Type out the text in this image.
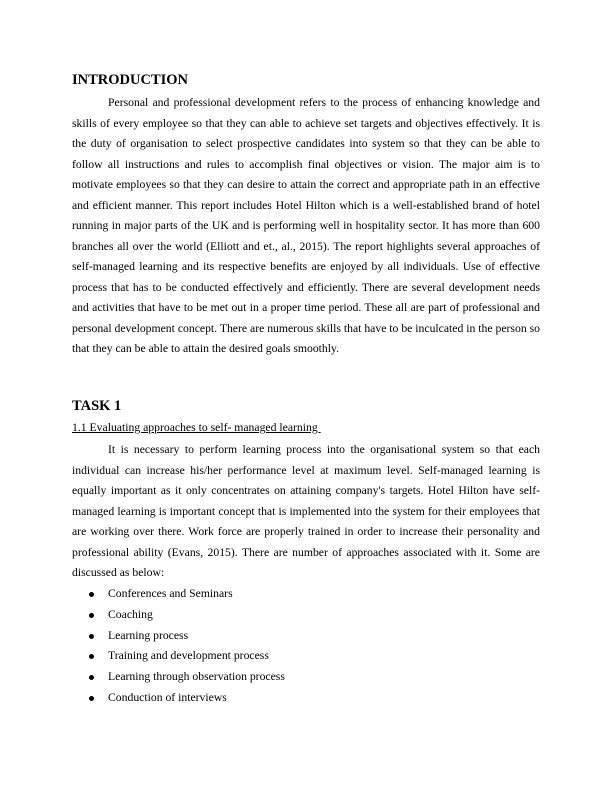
INTRODUCTION

Personal and professional development refers to the process of enhancing knowledge and skills of every employee so that they can able to achieve set targets and objectives effectively. It is the duty of organisation to select prospective candidates into system so that they can be able to follow all instructions and rules to accomplish final objectives or vision. The major aim is to motivate employees so that they can desire to attain the correct and appropriate path in an effective and efficient manner. This report includes Hotel Hilton which is a well-established brand of hotel running in major parts of the UK and is performing well in hospitality sector. It has more than 600 branches all over the world (Elliott and et., al., 2015). The report highlights several approaches of self-managed learning and its respective benefits are enjoyed by all individuals. Use of effective process that has to be conducted effectively and efficiently. There are several development needs and activities that have to be met out in a proper time period. These all are part of professional and personal development concept. There are numerous skills that have to be inculcated in the person so that they can be able to attain the desired goals smoothly.

TASK 1

1.1 Evaluating approaches to self- managed learning

It is necessary to perform learning process into the organisational system so that each individual can increase his/her performance level at maximum level. Self-managed learning is equally important as it only concentrates on attaining company's targets. Hotel Hilton have self-managed learning is important concept that is implemented into the system for their employees that are working over there. Work force are properly trained in order to increase their personality and professional ability (Evans, 2015). There are number of approaches associated with it. Some are discussed as below:

Conferences and Seminars
Coaching
Learning process
Training and development process
Learning through observation process
Conduction of interviews
